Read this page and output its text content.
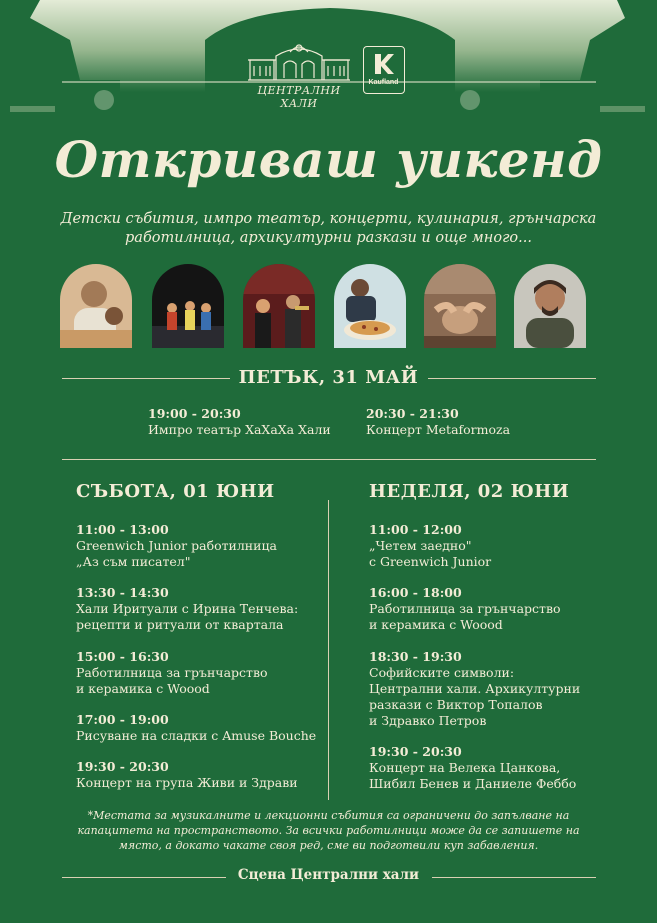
ЦЕНТРАЛНИ ХАЛИ
Kaufland
Откриваш уикенд
Детски събития, импро театър, концерти, кулинария, грънчарска работилница, архикултурни разкази и още много...
ПЕТЪК, 31 МАЙ
19:00 - 20:30
Импро театър ХаХаХа Хали
20:30 - 21:30
Концерт Metaformoza
СЪБОТА, 01 ЮНИ
11:00 - 13:00
Greenwich Junior работилница
„Аз съм писател"
13:30 - 14:30
Хали Иритуали с Ирина Тенчева:
рецепти и ритуали от квартала
15:00 - 16:30
Работилница за грънчарство
и керамика с Woood
17:00 - 19:00
Рисуване на сладки с Amuse Bouche
19:30 - 20:30
Концерт на група Живи и Здрави
НЕДЕЛЯ, 02 ЮНИ
11:00 - 12:00
„Четем заедно"
с Greenwich Junior
16:00 - 18:00
Работилница за грънчарство
и керамика с Woood
18:30 - 19:30
Софийските символи:
Централни хали. Архикултурни
разкази с Виктор Топалов
и Здравко Петров
19:30 - 20:30
Концерт на Велека Цанкова,
Шибил Бенев и Даниеле Феббо
*Местата за музикалните и лекционни събития са ограничени до запълване на капацитета на пространството. За всички работилници може да се запишете на място, а докато чакате своя ред, сме ви подготвили куп забавления.
Сцена Централни хали
